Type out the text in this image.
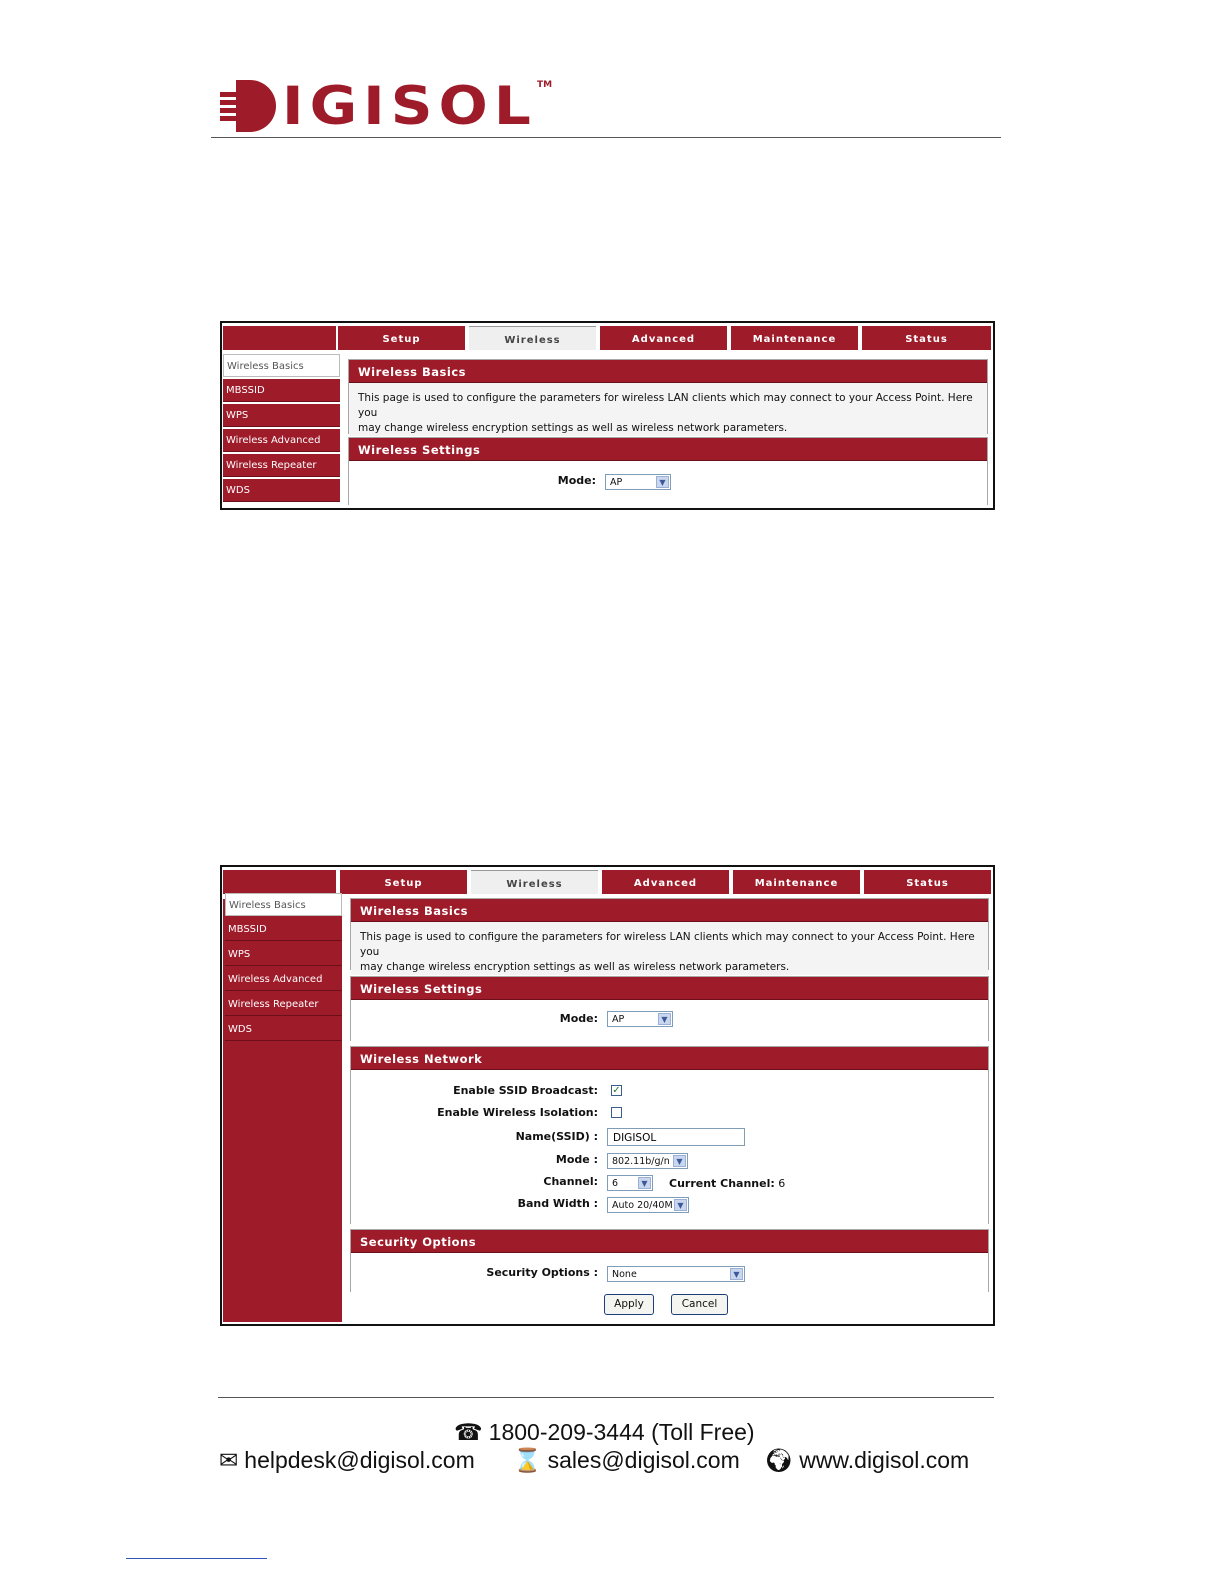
IGISOL TM
Setup	Wireless	Advanced	Maintenance	Status
Wireless Basics
MBSSID
WPS
Wireless Advanced
Wireless Repeater
WDS
Wireless Basics
This page is used to configure the parameters for wireless LAN clients which may connect to your Access Point. Here you
may change wireless encryption settings as well as wireless network parameters.
Wireless Settings
Mode:	AP	▼
Setup	Wireless	Advanced	Maintenance	Status
Wireless Basics
MBSSID
WPS
Wireless Advanced
Wireless Repeater
WDS
Wireless Basics
This page is used to configure the parameters for wireless LAN clients which may connect to your Access Point. Here you
may change wireless encryption settings as well as wireless network parameters.
Wireless Settings
Mode:	AP	▼
Wireless Network
Enable SSID Broadcast: ✓
Enable Wireless Isolation:
Name(SSID) :	DIGISOL
Mode :	802.11b/g/n ▼
Channel:	6	▼	Current Channel: 6
Band Width :	Auto 20/40M ▼
Security Options
Security Options :	None	▼
Apply	Cancel
☎ 1800-209-3444 (Toll Free)
✉ helpdesk@digisol.com ⌛ sales@digisol.com 🌍︎ www.digisol.com
